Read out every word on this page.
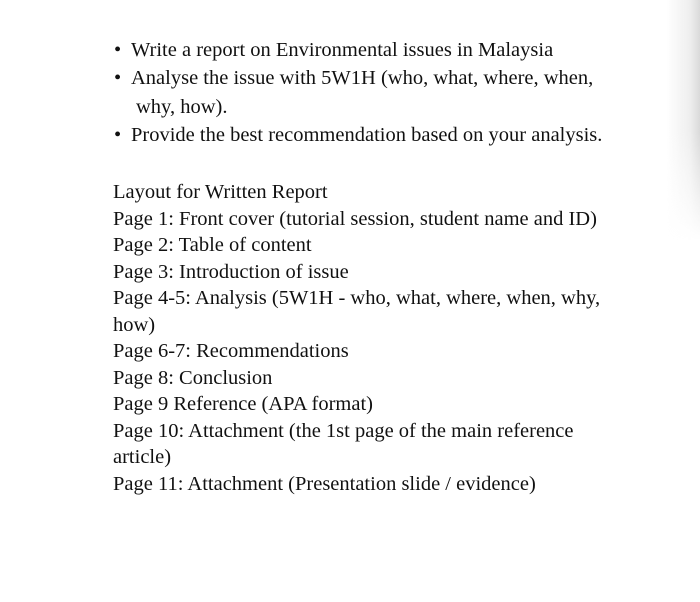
• Write a report on Environmental issues in Malaysia
• Analyse the issue with 5W1H (who, what, where, when,
why, how).
• Provide the best recommendation based on your analysis.
Layout for Written Report
Page 1: Front cover (tutorial session, student name and ID)
Page 2: Table of content
Page 3: Introduction of issue
Page 4-5: Analysis (5W1H - who, what, where, when, why,
how)
Page 6-7: Recommendations
Page 8: Conclusion
Page 9 Reference (APA format)
Page 10: Attachment (the 1st page of the main reference
article)
Page 11: Attachment (Presentation slide / evidence)
